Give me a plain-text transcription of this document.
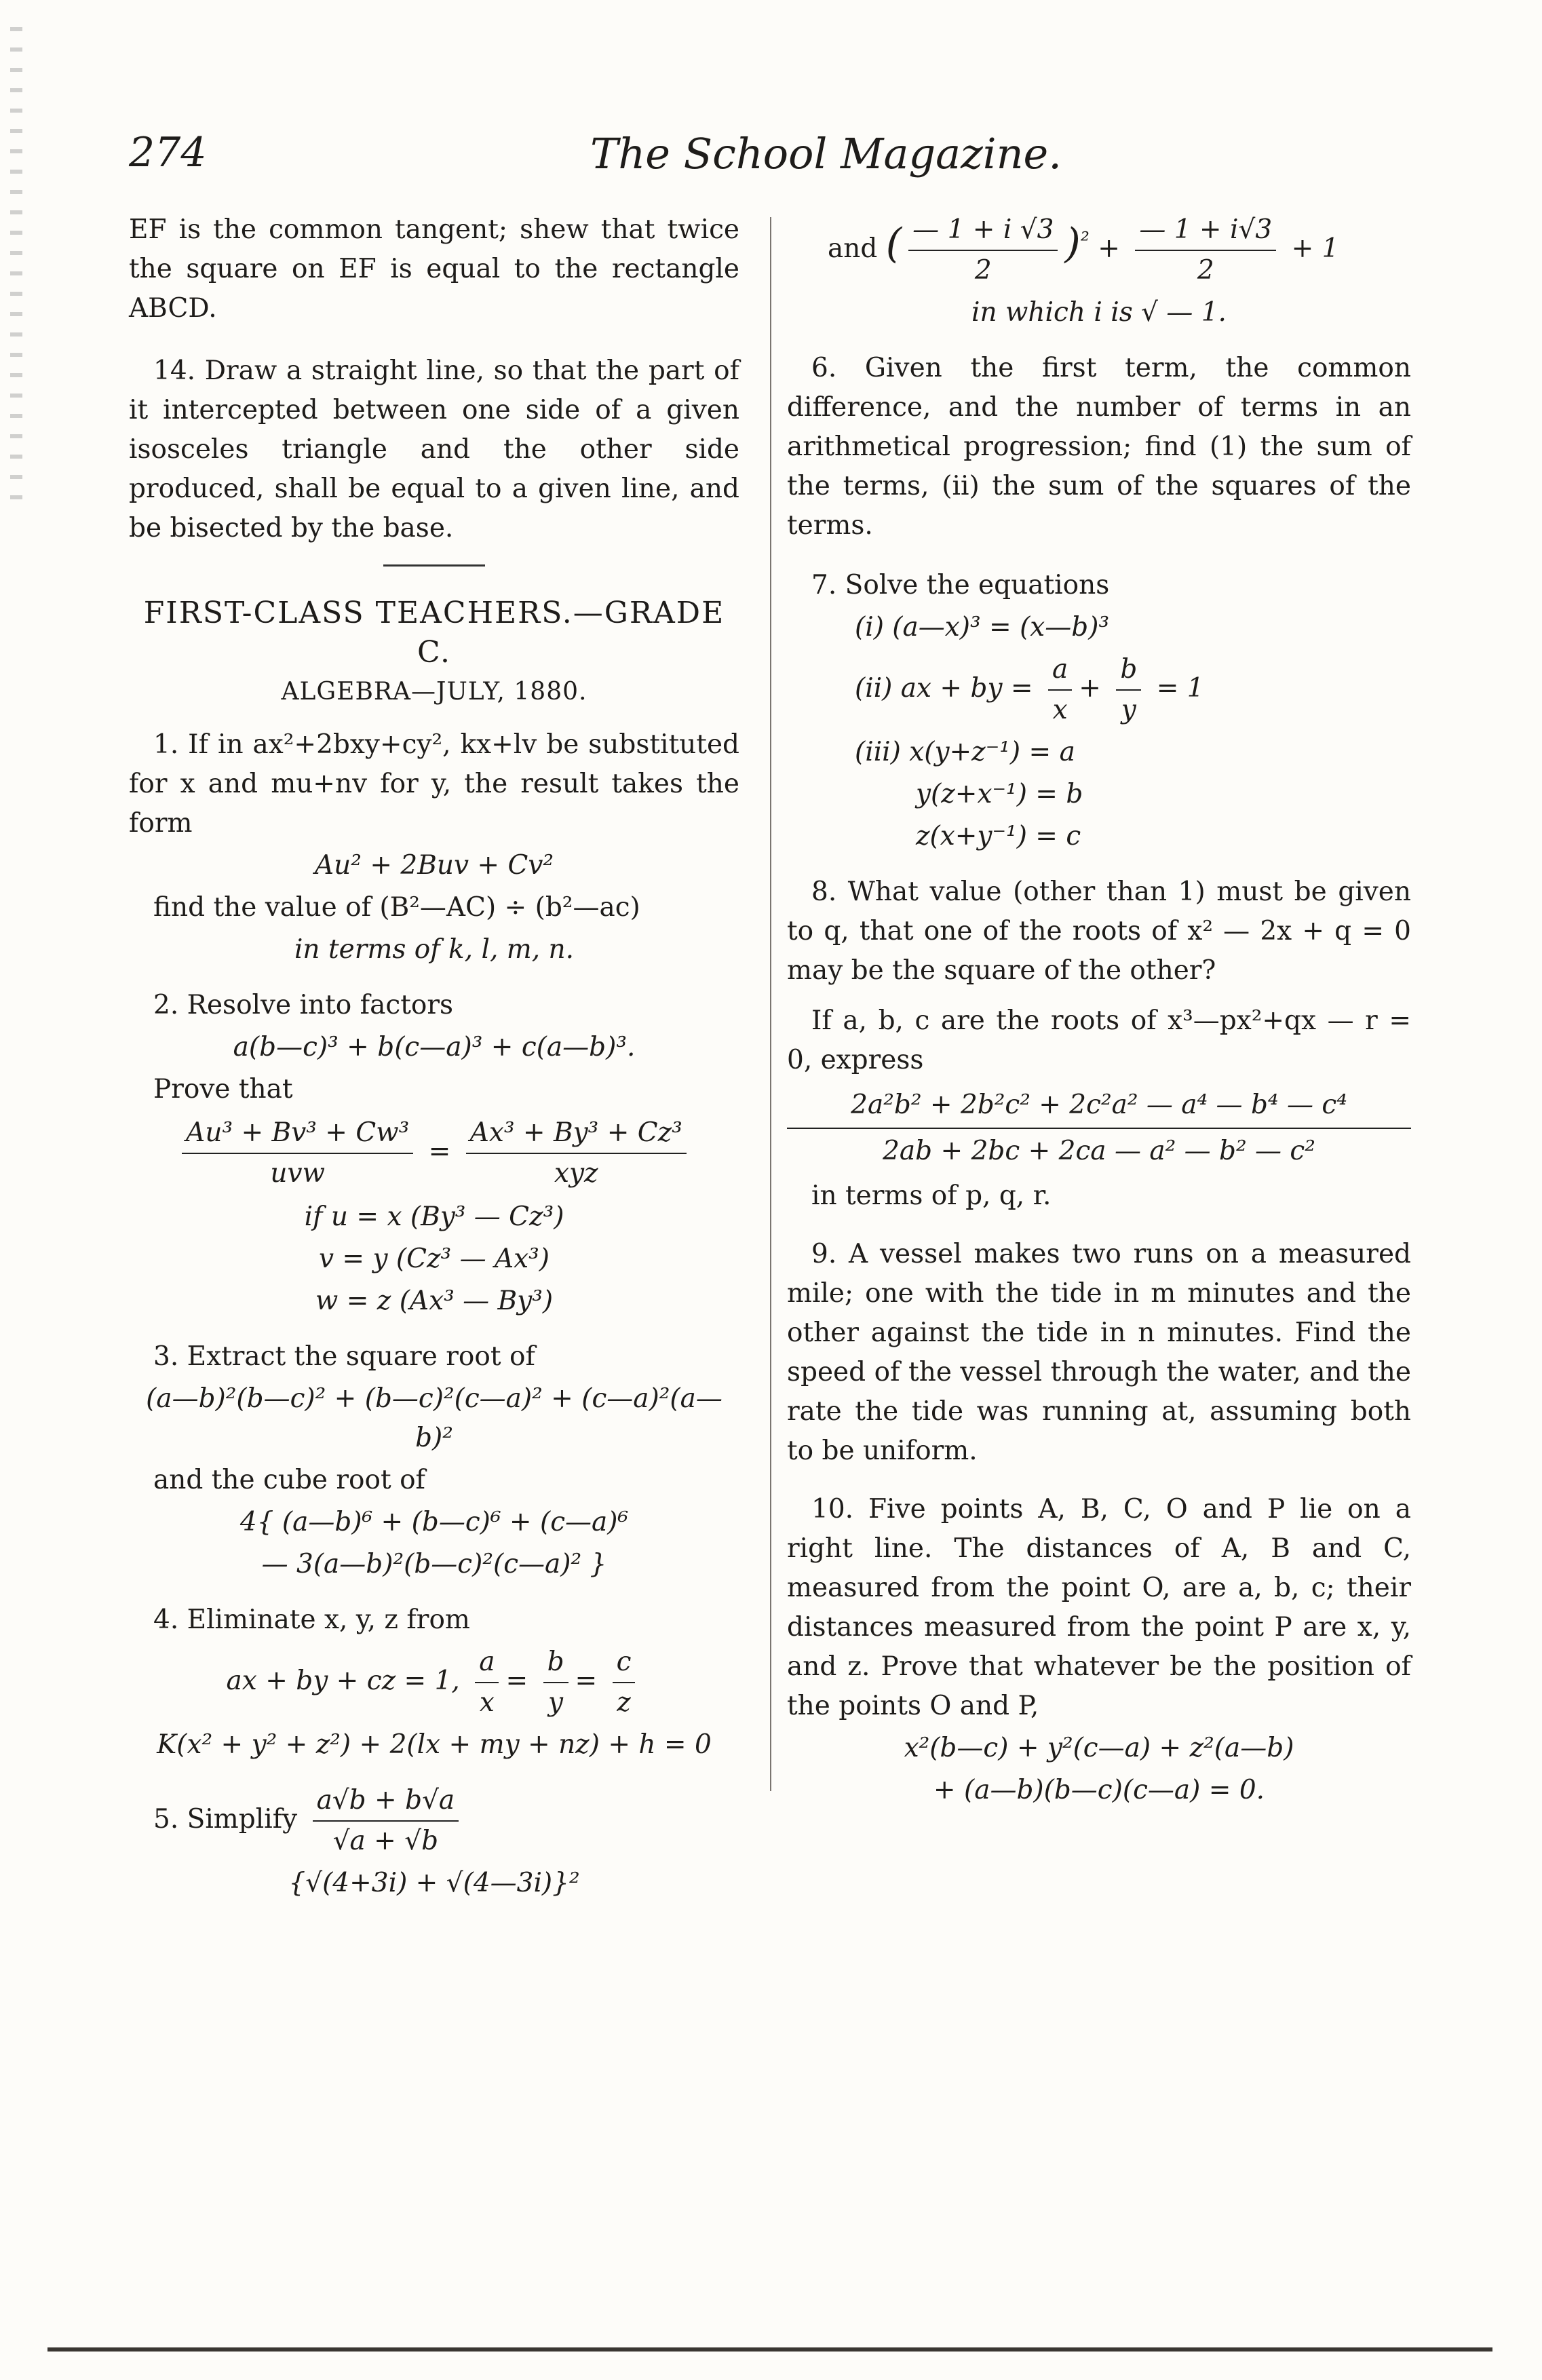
274	The School Magazine.

EF is the common tangent; shew that twice the square on EF is equal to the rectangle ABCD.

14. Draw a straight line, so that the part of it intercepted between one side of a given isosceles triangle and the other side produced, shall be equal to a given line, and be bisected by the base.

FIRST-CLASS TEACHERS.—GRADE C.
ALGEBRA—JULY, 1880.

1. If in ax²+2bxy+cy², kx+lv be substituted for x and mu+nv for y, the result takes the form

Au² + 2Buv + Cv²

find the value of (B²—AC) ÷ (b²—ac)

in terms of k, l, m, n.

2. Resolve into factors

a(b—c)³ + b(c—a)³ + c(a—b)³.

Prove that

$\frac{\text{Au³ + Bv³ + Cw³}}{\text{uvw}} = \frac{\text{Ax³ + By³ + Cz³}}{\text{xyz}}$
if u = x (By³ — Cz³)
v = y (Cz³ — Ax³)
w = z (Ax³ — By³)

3. Extract the square root of

(a—b)²(b—c)² + (b—c)²(c—a)² + (c—a)²(a—b)²

and the cube root of

4{ (a—b)⁶ + (b—c)⁶ + (c—a)⁶
— 3(a—b)²(b—c)²(c—a)² }

4. Eliminate x, y, z from

ax + by + cz = 1, $\frac{a}{x} = \frac{b}{y} = \frac{c}{z}$
K(x² + y² + z²) + 2(lx + my + nz) + h = 0
5. Simplify $\frac{a√b + b√a}{√a + √b}$
{√(4+3i) + √(4—3i)}²
and ( $\frac{— 1 + i √3}{2} )^{^2} + \frac{— 1 + i√3}{2} + 1$
in which i is √ — 1.

6. Given the first term, the common difference, and the number of terms in an arithmetical progression; find (1) the sum of the terms, (ii) the sum of the squares of the terms.

7. Solve the equations

(i) (a—x)³ = (x—b)³
(ii) ax + by = $\frac{a}{x} + \frac{b}{y} = 1$
(iii) x(y+z⁻¹) = a
y(z+x⁻¹) = b
z(x+y⁻¹) = c

8. What value (other than 1) must be given to q, that one of the roots of x² — 2x + q = 0 may be the square of the other?

If a, b, c are the roots of x³—px²+qx — r = 0, express

2a²b² + 2b²c² + 2c²a² — a⁴ — b⁴ — c⁴
2ab + 2bc + 2ca — a² — b² — c²

in terms of p, q, r.

9. A vessel makes two runs on a measured mile; one with the tide in m minutes and the other against the tide in n minutes. Find the speed of the vessel through the water, and the rate the tide was running at, assuming both to be uniform.

10. Five points A, B, C, O and P lie on a right line. The distances of A, B and C, measured from the point O, are a, b, c; their distances measured from the point P are x, y, and z. Prove that whatever be the position of the points O and P,

x²(b—c) + y²(c—a) + z²(a—b)
+ (a—b)(b—c)(c—a) = 0.
